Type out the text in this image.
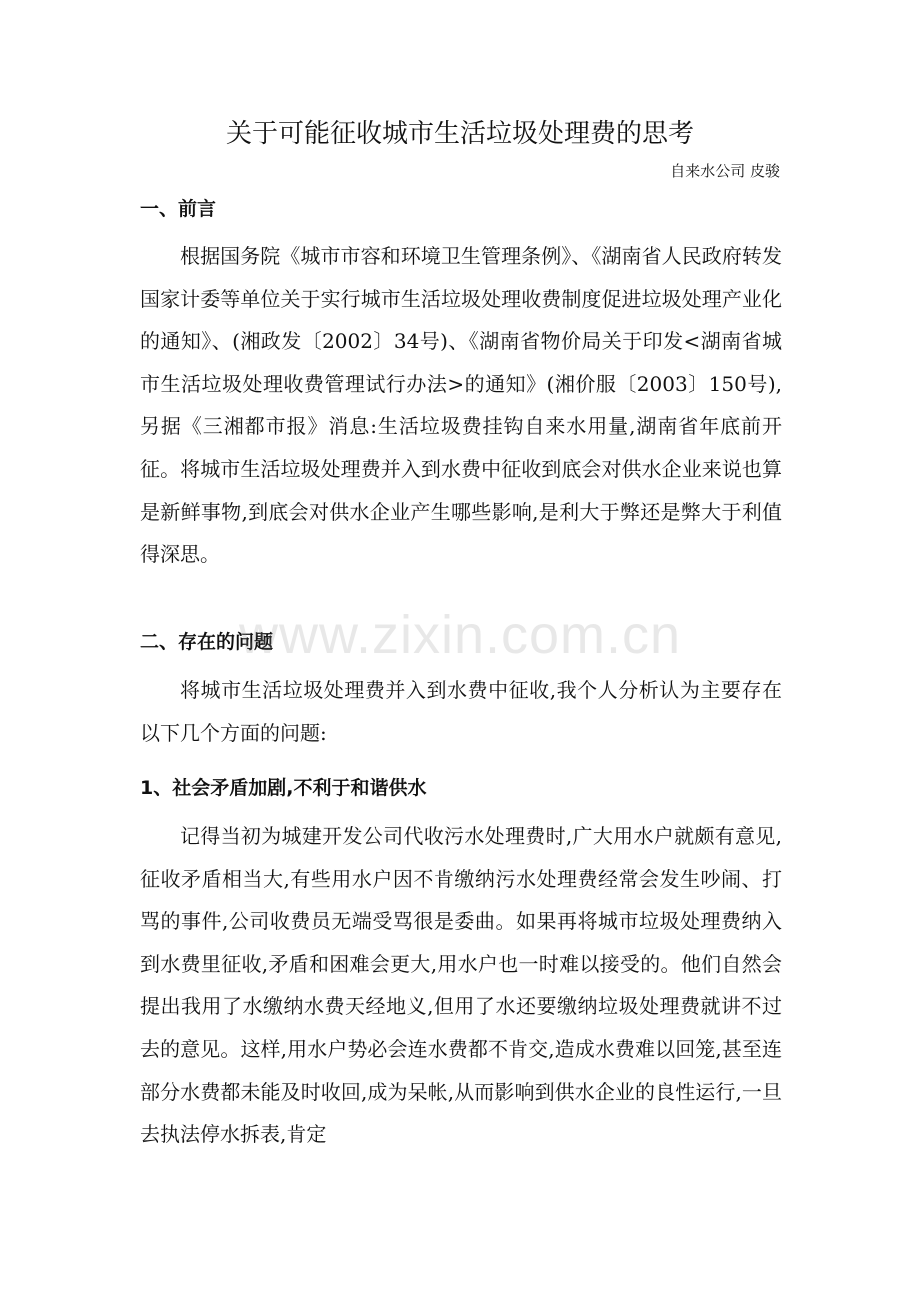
关于可能征收城市生活垃圾处理费的思考
自来水公司 皮骏
一、前言

根据国务院《城市市容和环境卫生管理条例》、《湖南省人民政府转发国家计委等单位关于实行城市生活垃圾处理收费制度促进垃圾处理产业化的通知》、(湘政发〔2002〕34号)、《湖南省物价局关于印发<湖南省城市生活垃圾处理收费管理试行办法>的通知》(湘价服〔2003〕150号),另据《三湘都市报》消息:生活垃圾费挂钩自来水用量,湖南省年底前开征。将城市生活垃圾处理费并入到水费中征收到底会对供水企业来说也算是新鲜事物,到底会对供水企业产生哪些影响,是利大于弊还是弊大于利值得深思。

二、存在的问题

将城市生活垃圾处理费并入到水费中征收,我个人分析认为主要存在以下几个方面的问题:

1、社会矛盾加剧,不利于和谐供水

记得当初为城建开发公司代收污水处理费时,广大用水户就颇有意见,征收矛盾相当大,有些用水户因不肯缴纳污水处理费经常会发生吵闹、打骂的事件,公司收费员无端受骂很是委曲。如果再将城市垃圾处理费纳入到水费里征收,矛盾和困难会更大,用水户也一时难以接受的。他们自然会提出我用了水缴纳水费天经地义,但用了水还要缴纳垃圾处理费就讲不过去的意见。这样,用水户势必会连水费都不肯交,造成水费难以回笼,甚至连部分水费都未能及时收回,成为呆帐,从而影响到供水企业的良性运行,一旦去执法停水拆表,肯定

www.zixin.com.cn
